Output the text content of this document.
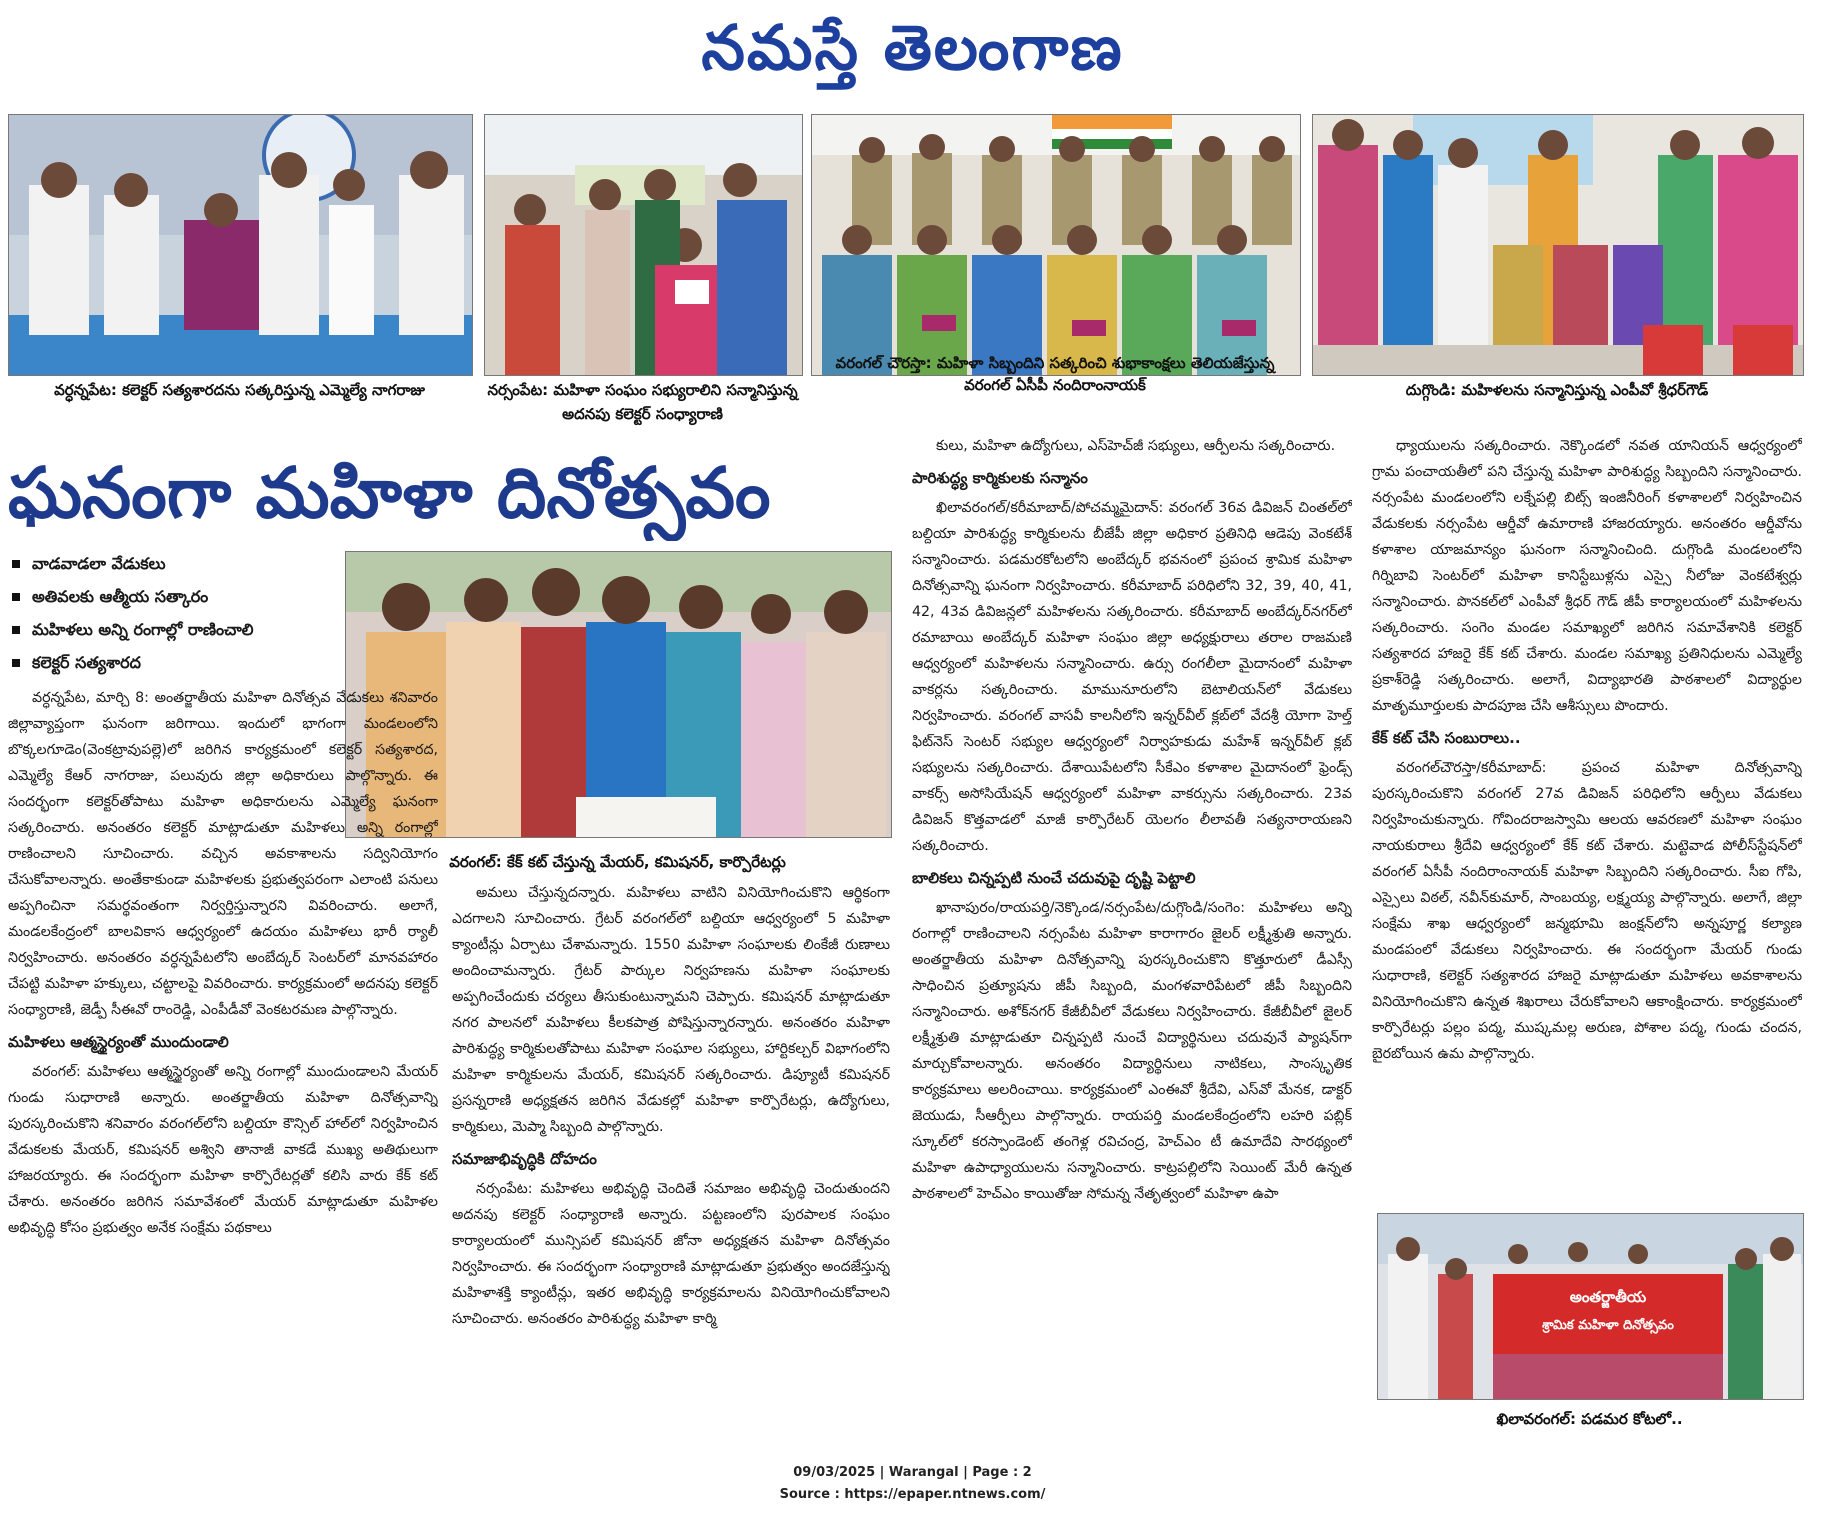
నమస్తే తెలంగాణ
వర్ధన్నపేట: కలెక్టర్ సత్యశారదను సత్కరిస్తున్న ఎమ్మెల్యే నాగరాజు	నర్సంపేట: మహిళా సంఘం సభ్యురాలిని సన్మానిస్తున్న అదనపు కలెక్టర్ సంధ్యారాణి
వరంగల్ చౌరస్తా: మహిళా సిబ్బందిని సత్కరించి శుభాకాంక్షలు తెలియజేస్తున్న వరంగల్ ఏసీపీ నందిరాంనాయక్	దుగ్గొండి: మహిళలను సన్మానిస్తున్న ఎంపీవో శ్రీధర్‌గౌడ్
ఘనంగా మహిళా దినోత్సవం
వాడవాడలా వేడుకలు
అతివలకు ఆత్మీయ సత్కారం
మహిళలు అన్ని రంగాల్లో రాణించాలి
కలెక్టర్ సత్యశారద
వరంగల్: కేక్ కట్ చేస్తున్న మేయర్, కమిషనర్, కార్పొరేటర్లు

వర్ధన్నపేట, మార్చి 8: అంతర్జాతీయ మహిళా దినోత్సవ వేడుకలు శనివారం జిల్లావ్యాప్తంగా ఘనంగా జరిగాయి. ఇందులో భాగంగా మండలంలోని బొక్కలగూడెం(వెంకట్రావుపల్లె)లో జరిగిన కార్యక్రమంలో కలెక్టర్ సత్యశారద, ఎమ్మెల్యే కేఆర్ నాగరాజు, పలువురు జిల్లా అధికారులు పాల్గొన్నారు. ఈ సందర్భంగా కలెక్టర్‌తోపాటు మహిళా అధికారులను ఎమ్మెల్యే ఘనంగా సత్కరించారు. అనంతరం కలెక్టర్ మాట్లాడుతూ మహిళలు అన్ని రంగాల్లో రాణించాలని సూచించారు. వచ్చిన అవకాశాలను సద్వినియోగం చేసుకోవాలన్నారు. అంతేకాకుండా మహిళలకు ప్రభుత్వపరంగా ఎలాంటి పనులు అప్పగించినా సమర్థవంతంగా నిర్వర్తిస్తున్నారని వివరించారు. అలాగే, మండలకేంద్రంలో బాలవికాస ఆధ్వర్యంలో ఉదయం మహిళలు భారీ ర్యాలీ నిర్వహించారు. అనంతరం వర్ధన్నపేటలోని అంబేద్కర్ సెంటర్‌లో మానవహారం చేపట్టి మహిళా హక్కులు, చట్టాలపై వివరించారు. కార్యక్రమంలో అదనపు కలెక్టర్ సంధ్యారాణి, జెడ్పీ సీఈవో రాంరెడ్డి, ఎంపీడీవో వెంకటరమణ పాల్గొన్నారు.

మహిళలు ఆత్మస్థైర్యంతో ముందుండాలి

వరంగల్: మహిళలు ఆత్మస్థైర్యంతో అన్ని రంగాల్లో ముందుండాలని మేయర్ గుండు సుధారాణి అన్నారు. అంతర్జాతీయ మహిళా దినోత్సవాన్ని పురస్కరించుకొని శనివారం వరంగల్‌లోని బల్దియా కౌన్సిల్ హాల్‌లో నిర్వహించిన వేడుకలకు మేయర్, కమిషనర్ అశ్విని తానాజీ వాకడే ముఖ్య అతిథులుగా హాజరయ్యారు. ఈ సందర్భంగా మహిళా కార్పొరేటర్లతో కలిసి వారు కేక్ కట్ చేశారు. అనంతరం జరిగిన సమావేశంలో మేయర్ మాట్లాడుతూ మహిళల అభివృద్ధి కోసం ప్రభుత్వం అనేక సంక్షేమ పథకాలు

అమలు చేస్తున్నదన్నారు. మహిళలు వాటిని వినియోగించుకొని ఆర్థికంగా ఎదగాలని సూచించారు. గ్రేటర్ వరంగల్‌లో బల్దియా ఆధ్వర్యంలో 5 మహిళా క్యాంటీన్లు ఏర్పాటు చేశామన్నారు. 1550 మహిళా సంఘాలకు లింకేజీ రుణాలు అందించామన్నారు. గ్రేటర్ పార్కుల నిర్వహణను మహిళా సంఘాలకు అప్పగించేందుకు చర్యలు తీసుకుంటున్నామని చెప్పారు. కమిషనర్ మాట్లాడుతూ నగర పాలనలో మహిళలు కీలకపాత్ర పోషిస్తున్నారన్నారు. అనంతరం మహిళా పారిశుద్ధ్య కార్మికులతోపాటు మహిళా సంఘాల సభ్యులు, హార్టికల్చర్ విభాగంలోని మహిళా కార్మికులను మేయర్, కమిషనర్ సత్కరించారు. డిప్యూటీ కమిషనర్ ప్రసన్నరాణి అధ్యక్షతన జరిగిన వేడుకల్లో మహిళా కార్పొరేటర్లు, ఉద్యోగులు, కార్మికులు, మెప్మా సిబ్బంది పాల్గొన్నారు.

సమాజాభివృద్ధికి దోహదం

నర్సంపేట: మహిళలు అభివృద్ధి చెందితే సమాజం అభివృద్ధి చెందుతుందని అదనపు కలెక్టర్ సంధ్యారాణి అన్నారు. పట్టణంలోని పురపాలక సంఘం కార్యాలయంలో మున్సిపల్ కమిషనర్ జోనా అధ్యక్షతన మహిళా దినోత్సవం నిర్వహించారు. ఈ సందర్భంగా సంధ్యారాణి మాట్లాడుతూ ప్రభుత్వం అందజేస్తున్న మహిళాశక్తి క్యాంటీన్లు, ఇతర అభివృద్ధి కార్యక్రమాలను వినియోగించుకోవాలని సూచించారు. అనంతరం పారిశుద్ధ్య మహిళా కార్మి

కులు, మహిళా ఉద్యోగులు, ఎస్‌హెచ్‌జీ సభ్యులు, ఆర్పీలను సత్కరించారు.

పారిశుద్ధ్య కార్మికులకు సన్మానం

ఖిలావరంగల్/కరీమాబాద్/పోచమ్మమైదాన్: వరంగల్ 36వ డివిజన్ చింతల్‌లో బల్దియా పారిశుద్ధ్య కార్మికులను బీజేపీ జిల్లా అధికార ప్రతినిధి ఆడెపు వెంకటేశ్ సన్మానించారు. పడమరకోటలోని అంబేద్కర్ భవనంలో ప్రపంచ శ్రామిక మహిళా దినోత్సవాన్ని ఘనంగా నిర్వహించారు. కరీమాబాద్ పరిధిలోని 32, 39, 40, 41, 42, 43వ డివిజన్లలో మహిళలను సత్కరించారు. కరీమాబాద్ అంబేద్కర్‌నగర్‌లో రమాబాయి అంబేద్కర్ మహిళా సంఘం జిల్లా అధ్యక్షురాలు తరాల రాజమణి ఆధ్వర్యంలో మహిళలను సన్మానించారు. ఉర్సు రంగలీలా మైదానంలో మహిళా వాకర్లను సత్కరించారు. మామునూరులోని బెటాలియన్‌లో వేడుకలు నిర్వహించారు. వరంగల్ వాసవీ కాలనీలోని ఇన్నర్‌వీల్ క్లబ్‌లో వేదశ్రీ యోగా హెల్త్ ఫిట్‌నెస్ సెంటర్ సభ్యుల ఆధ్వర్యంలో నిర్వాహకుడు మహేశ్ ఇన్నర్‌వీల్ క్లబ్ సభ్యులను సత్కరించారు. దేశాయిపేటలోని సీకేఎం కళాశాల మైదానంలో ఫ్రెండ్స్ వాకర్స్ అసోసియేషన్ ఆధ్వర్యంలో మహిళా వాకర్సును సత్కరించారు. 23వ డివిజన్ కొత్తవాడలో మాజీ కార్పొరేటర్ యెలగం లీలావతీ సత్యనారాయణని సత్కరించారు.

బాలికలు చిన్నప్పటి నుంచే చదువుపై దృష్టి పెట్టాలి

ఖానాపురం/రాయపర్తి/నెక్కొండ/నర్సంపేట/దుగ్గొండి/సంగెం: మహిళలు అన్ని రంగాల్లో రాణించాలని నర్సంపేట మహిళా కారాగారం జైలర్ లక్ష్మీశ్రుతి అన్నారు. అంతర్జాతీయ మహిళా దినోత్సవాన్ని పురస్కరించుకొని కొత్తూరులో డీఎస్సీ సాధించిన ప్రత్యూషను జీపీ సిబ్బంది, మంగళవారిపేటలో జీపీ సిబ్బందిని సన్మానించారు. అశోక్‌నగర్ కేజీబీవీలో వేడుకలు నిర్వహించారు. కేజీబీవీలో జైలర్ లక్ష్మీశ్రుతి మాట్లాడుతూ చిన్నప్పటి నుంచే విద్యార్థినులు చదువునే ప్యాషన్‌గా మార్చుకోవాలన్నారు. అనంతరం విద్యార్థినులు నాటికలు, సాంస్కృతిక కార్యక్రమాలు అలరించాయి. కార్యక్రమంలో ఎంఈవో శ్రీదేవి, ఎస్‌వో మేనక, డాక్టర్ జెయుడు, సీఆర్పీలు పాల్గొన్నారు. రాయపర్తి మండలకేంద్రంలోని లహరి పబ్లిక్ స్కూల్‌లో కరస్పాండెంట్ తంగెళ్ల రవిచంద్ర, హెచ్‌ఎం టీ ఉమాదేవి సారథ్యంలో మహిళా ఉపాధ్యాయులను సన్మానించారు. కాట్రపల్లిలోని సెయింట్ మేరీ ఉన్నత పాఠశాలలో హెచ్‌ఎం కాయితోజు సోమన్న నేతృత్వంలో మహిళా ఉపా

ధ్యాయులను సత్కరించారు. నెక్కొండలో నవత యానియన్ ఆధ్వర్యంలో గ్రామ పంచాయతీలో పని చేస్తున్న మహిళా పారిశుద్ధ్య సిబ్బందిని సన్మానించారు. నర్సంపేట మండలంలోని లక్నేపల్లి బిట్స్ ఇంజినీరింగ్ కళాశాలలో నిర్వహించిన వేడుకలకు నర్సంపేట ఆర్డీవో ఉమారాణి హాజరయ్యారు. అనంతరం ఆర్డీవోను కళాశాల యాజమాన్యం ఘనంగా సన్మానించింది. దుగ్గొండి మండలంలోని గిర్నిబావి సెంటర్‌లో మహిళా కానిస్టేబుళ్లను ఎస్సై నీలోజు వెంకటేశ్వర్లు సన్మానించారు. పొనకల్‌లో ఎంపీవో శ్రీధర్ గౌడ్ జీపీ కార్యాలయంలో మహిళలను సత్కరించారు. సంగెం మండల సమాఖ్యలో జరిగిన సమావేశానికి కలెక్టర్ సత్యశారద హాజరై కేక్ కట్ చేశారు. మండల సమాఖ్య ప్రతినిధులను ఎమ్మెల్యే ప్రకాశ్‌రెడ్డి సత్కరించారు. అలాగే, విద్యాభారతి పాఠశాలలో విద్యార్థుల మాతృమూర్తులకు పాదపూజ చేసి ఆశీస్సులు పొందారు.

కేక్ కట్ చేసి సంబురాలు..

వరంగల్‌చౌరస్తా/కరీమాబాద్: ప్రపంచ మహిళా దినోత్సవాన్ని పురస్కరించుకొని వరంగల్ 27వ డివిజన్ పరిధిలోని ఆర్పీలు వేడుకలు నిర్వహించుకున్నారు. గోవిందరాజస్వామి ఆలయ ఆవరణలో మహిళా సంఘం నాయకురాలు శ్రీదేవి ఆధ్వర్యంలో కేక్ కట్ చేశారు. మట్టెవాడ పోలీస్‌స్టేషన్‌లో వరంగల్ ఏసీపీ నందిరాంనాయక్ మహిళా సిబ్బందిని సత్కరించారు. సీఐ గోపి, ఎస్సైలు విఠల్, నవీన్‌కుమార్, సాంబయ్య, లక్ష్మయ్య పాల్గొన్నారు. అలాగే, జిల్లా సంక్షేమ శాఖ ఆధ్వర్యంలో జన్మభూమి జంక్షన్‌లోని అన్నపూర్ణ కల్యాణ మండపంలో వేడుకలు నిర్వహించారు. ఈ సందర్భంగా మేయర్ గుండు సుధారాణి, కలెక్టర్ సత్యశారద హాజరై మాట్లాడుతూ మహిళలు అవకాశాలను వినియోగించుకొని ఉన్నత శిఖరాలు చేరుకోవాలని ఆకాంక్షించారు. కార్యక్రమంలో కార్పొరేటర్లు పల్లం పద్మ, ముష్కమల్ల అరుణ, పోశాల పద్మ, గుండు చందన, బైరబోయిన ఉమ పాల్గొన్నారు.

అంతర్జాతీయ
శ్రామిక మహిళా దినోత్సవం
ఖిలావరంగల్: పడమర కోటలో..
09/03/2025 | Warangal | Page : 2
Source : https://epaper.ntnews.com/
